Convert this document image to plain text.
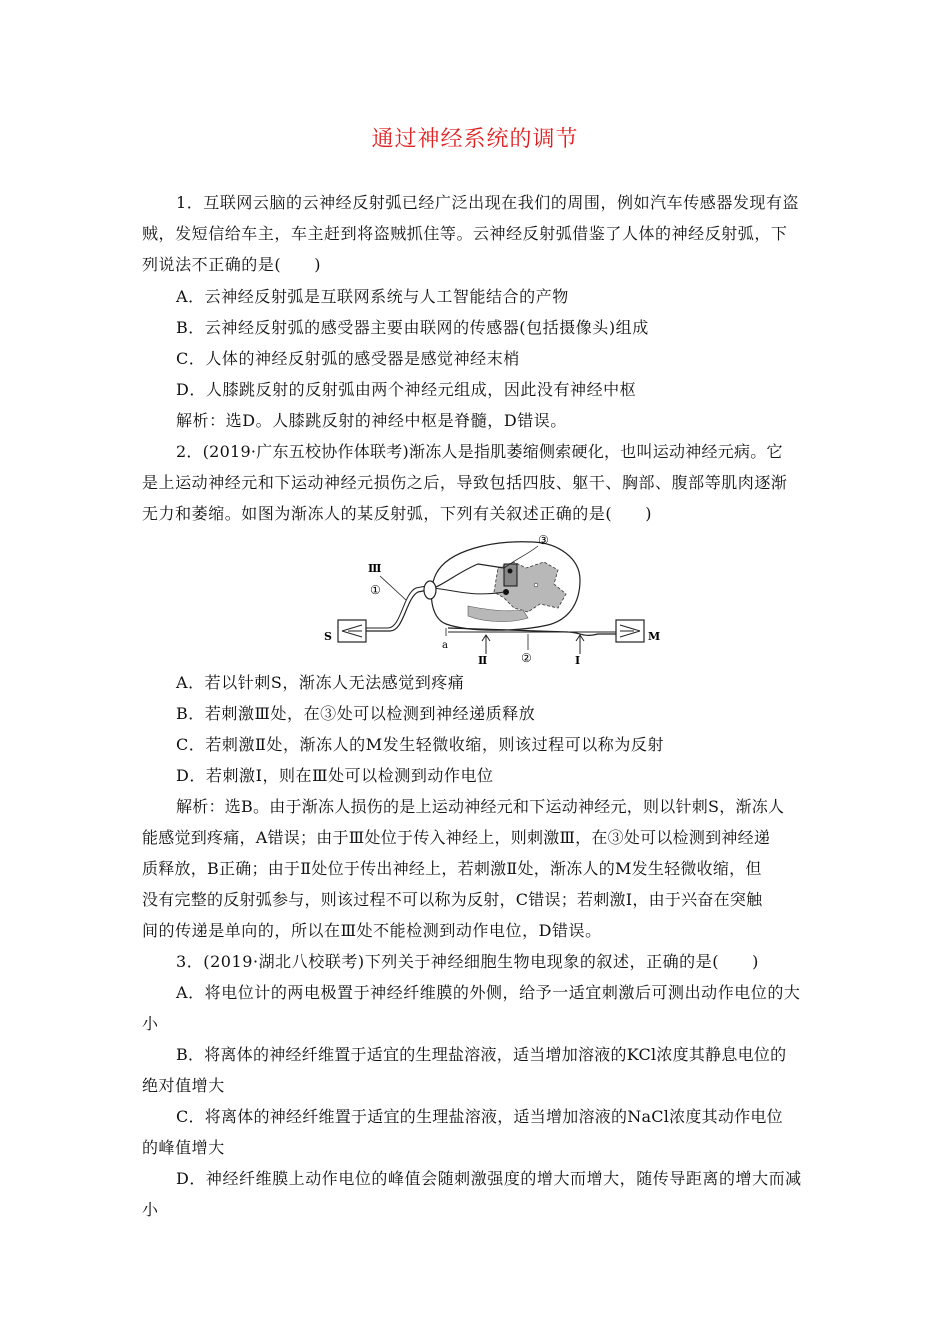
通过神经系统的调节
1．互联网云脑的云神经反射弧已经广泛出现在我们的周围，例如汽车传感器发现有盗
贼，发短信给车主，车主赶到将盗贼抓住等。云神经反射弧借鉴了人体的神经反射弧，下
列说法不正确的是(　　)
A．云神经反射弧是互联网系统与人工智能结合的产物
B．云神经反射弧的感受器主要由联网的传感器(包括摄像头)组成
C．人体的神经反射弧的感受器是感觉神经末梢
D．人膝跳反射的反射弧由两个神经元组成，因此没有神经中枢
解析：选D。人膝跳反射的神经中枢是脊髓，D错误。
2．(2019·广东五校协作体联考)渐冻人是指肌萎缩侧索硬化，也叫运动神经元病。它
是上运动神经元和下运动神经元损伤之后，导致包括四肢、躯干、胸部、腹部等肌肉逐渐
无力和萎缩。如图为渐冻人的某反射弧，下列有关叙述正确的是(　　)
S	M
a
①
②
③
Ⅰ
Ⅱ
Ⅲ
A．若以针刺S，渐冻人无法感觉到疼痛
B．若刺激Ⅲ处，在③处可以检测到神经递质释放
C．若刺激Ⅱ处，渐冻人的M发生轻微收缩，则该过程可以称为反射
D．若刺激Ⅰ，则在Ⅲ处可以检测到动作电位
解析：选B。由于渐冻人损伤的是上运动神经元和下运动神经元，则以针刺S，渐冻人
能感觉到疼痛，A错误；由于Ⅲ处位于传入神经上，则刺激Ⅲ，在③处可以检测到神经递
质释放，B正确；由于Ⅱ处位于传出神经上，若刺激Ⅱ处，渐冻人的M发生轻微收缩，但
没有完整的反射弧参与，则该过程不可以称为反射，C错误；若刺激Ⅰ，由于兴奋在突触
间的传递是单向的，所以在Ⅲ处不能检测到动作电位，D错误。
3．(2019·湖北八校联考)下列关于神经细胞生物电现象的叙述，正确的是(　　)
A．将电位计的两电极置于神经纤维膜的外侧，给予一适宜刺激后可测出动作电位的大
小
B．将离体的神经纤维置于适宜的生理盐溶液，适当增加溶液的KCl浓度其静息电位的
绝对值增大
C．将离体的神经纤维置于适宜的生理盐溶液，适当增加溶液的NaCl浓度其动作电位
的峰值增大
D．神经纤维膜上动作电位的峰值会随刺激强度的增大而增大，随传导距离的增大而减
小
